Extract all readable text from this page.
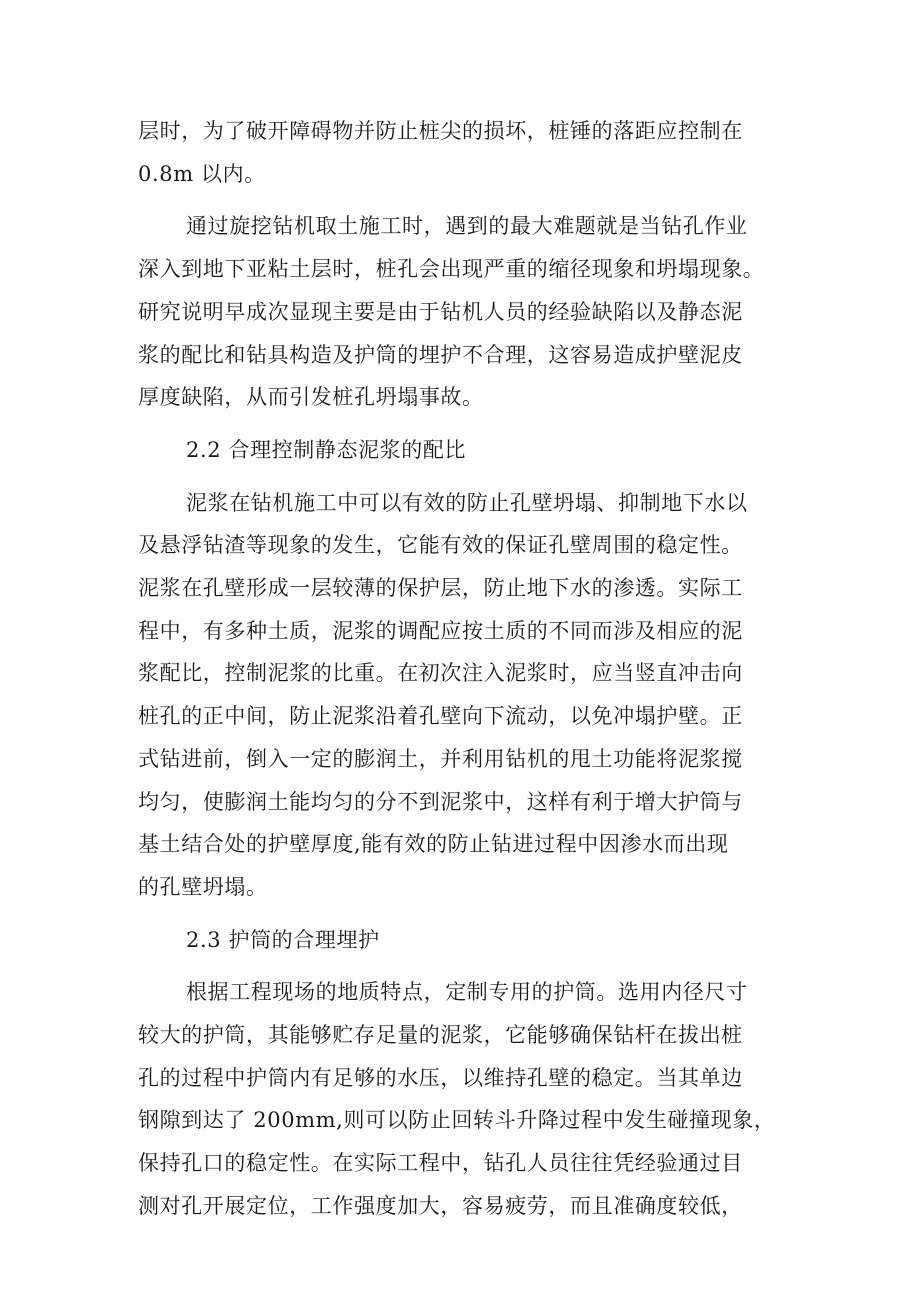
层时，为了破开障碍物并防止桩尖的损坏，桩锤的落距应控制在
0.8m 以内。
通过旋挖钻机取土施工时，遇到的最大难题就是当钻孔作业
深入到地下亚粘土层时，桩孔会出现严重的缩径现象和坍塌现象。
研究说明早成次显现主要是由于钻机人员的经验缺陷以及静态泥
浆的配比和钻具构造及护筒的埋护不合理，这容易造成护壁泥皮
厚度缺陷，从而引发桩孔坍塌事故。
2.2 合理控制静态泥浆的配比
泥浆在钻机施工中可以有效的防止孔壁坍塌、抑制地下水以
及悬浮钻渣等现象的发生，它能有效的保证孔壁周围的稳定性。
泥浆在孔壁形成一层较薄的保护层，防止地下水的渗透。实际工
程中，有多种土质，泥浆的调配应按土质的不同而涉及相应的泥
浆配比，控制泥浆的比重。在初次注入泥浆时，应当竖直冲击向
桩孔的正中间，防止泥浆沿着孔壁向下流动，以免冲塌护壁。正
式钻进前，倒入一定的膨润土，并利用钻机的甩土功能将泥浆搅
均匀，使膨润土能均匀的分不到泥浆中，这样有利于增大护筒与
基土结合处的护壁厚度,能有效的防止钻进过程中因渗水而出现
的孔壁坍塌。
2.3 护筒的合理埋护
根据工程现场的地质特点，定制专用的护筒。选用内径尺寸
较大的护筒，其能够贮存足量的泥浆，它能够确保钻杆在拔出桩
孔的过程中护筒内有足够的水压，以维持孔壁的稳定。当其单边
钢隙到达了 200mm,则可以防止回转斗升降过程中发生碰撞现象，
保持孔口的稳定性。在实际工程中，钻孔人员往往凭经验通过目
测对孔开展定位，工作强度加大，容易疲劳，而且准确度较低，
